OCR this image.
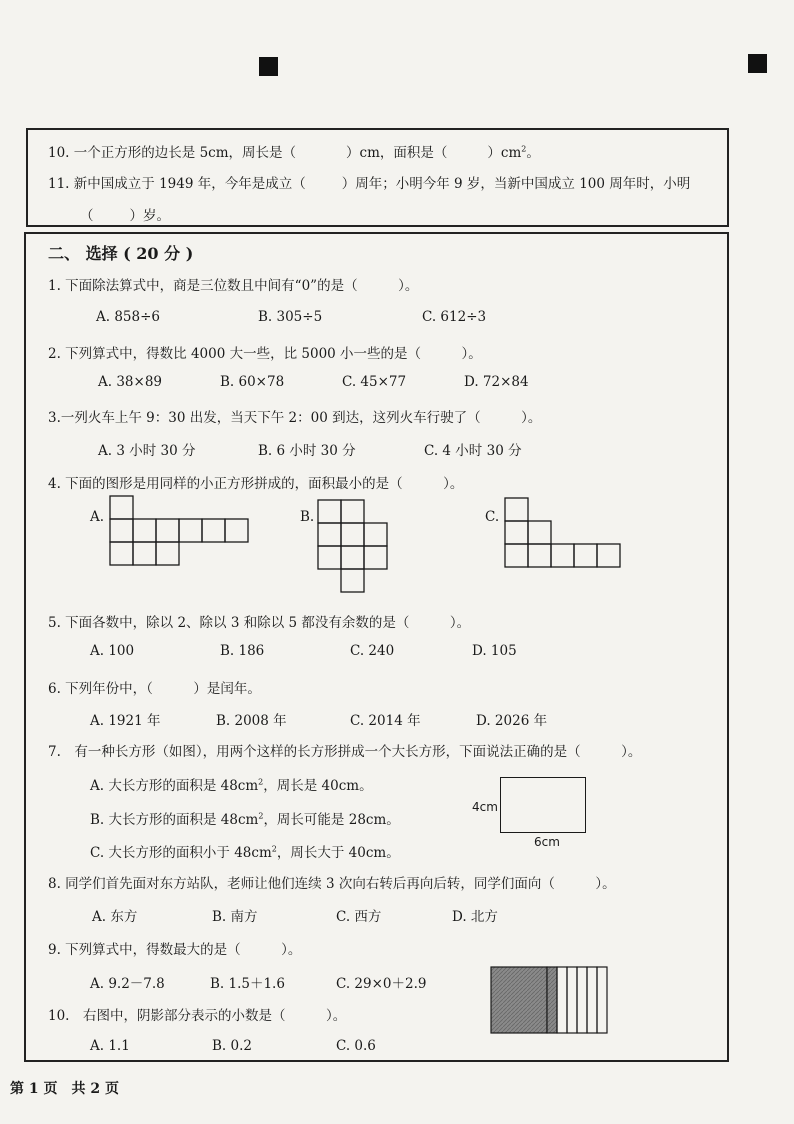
10. 一个正方形的边长是 5cm，周长是（	）cm，面积是（	）$cm^2$。
11. 新中国成立于 1949 年，今年是成立（	）周年；小明今年 9 岁，当新中国成立 100 周年时，小明
（	）岁。
二、 选择 ( 20 分 )
1. 下面除法算式中，商是三位数且中间有“0”的是（　　　）。
A. 858÷6	B. 305÷5	C. 612÷3
2. 下列算式中，得数比 4000 大一些，比 5000 小一些的是（　　　）。
A. 38×89	B. 60×78	C. 45×77	D. 72×84
3.一列火车上午 9：30 出发，当天下午 2：00 到达，这列火车行驶了（　　　）。
A. 3 小时 30 分	B. 6 小时 30 分	C. 4 小时 30 分
4. 下面的图形是用同样的小正方形拼成的，面积最小的是（　　　）。
A.	B.	C.
5. 下面各数中，除以 2、除以 3 和除以 5 都没有余数的是（　　　）。
A. 100	B. 186	C. 240	D. 105
6. 下列年份中，（　　　）是闰年。
A. 1921 年	B. 2008 年	C. 2014 年	D. 2026 年
7.　有一种长方形（如图），用两个这样的长方形拼成一个大长方形，下面说法正确的是（　　　）。
A. 大长方形的面积是 $48cm^2$，周长是 40cm。
B. 大长方形的面积是 $48cm^2$，周长可能是 28cm。
C. 大长方形的面积小于 $48cm^2$，周长大于 40cm。
4cm
6cm
8. 同学们首先面对东方站队，老师让他们连续 3 次向右转后再向后转，同学们面向（　　　）。
A. 东方	B. 南方	C. 西方	D. 北方
9. 下列算式中，得数最大的是（　　　）。
A. 9.2－7.8	B. 1.5＋1.6	C. 29×0＋2.9
10.　右图中，阴影部分表示的小数是（　　　）。
A. 1.1	B. 0.2	C. 0.6
第 1 页　共 2 页
